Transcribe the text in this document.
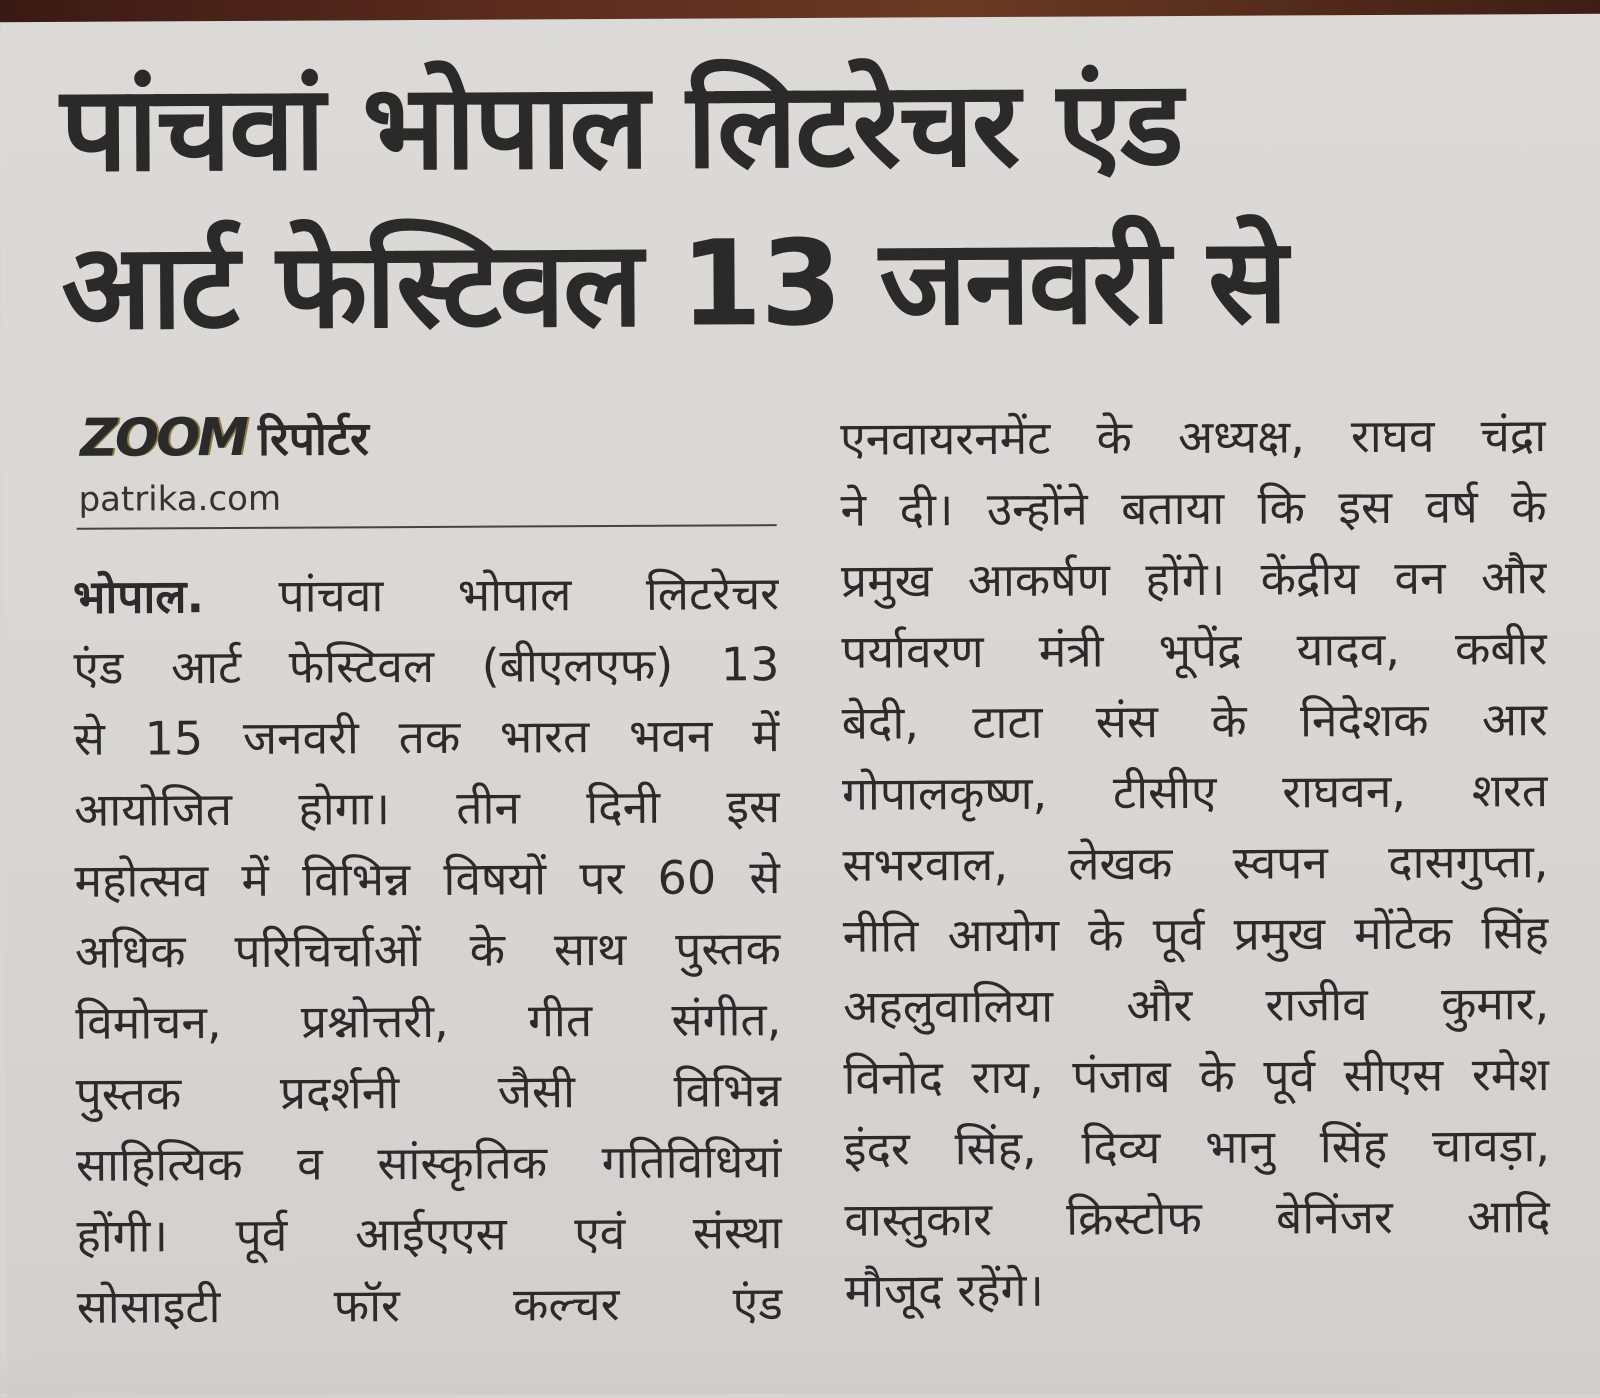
पांचवां भोपाल लिटरेचर एंड
आर्ट फेस्टिवल 13 जनवरी से
ZOOM रिपोर्टर
patrika.com
भोपाल. पांचवा भोपाल लिटरेचर
एंड आर्ट फेस्टिवल (बीएलएफ) 13
से 15 जनवरी तक भारत भवन में
आयोजित होगा। तीन दिनी इस
महोत्सव में विभिन्न विषयों पर 60 से
अधिक परिचिर्चाओं के साथ पुस्तक
विमोचन, प्रश्नोत्तरी, गीत संगीत,
पुस्तक प्रदर्शनी जैसी विभिन्न
साहित्यिक व सांस्कृतिक गतिविधियां
होंगी। पूर्व आईएएस एवं संस्था
सोसाइटी फॉर कल्चर एंड
एनवायरनमेंट के अध्यक्ष, राघव चंद्रा
ने दी। उन्होंने बताया कि इस वर्ष के
प्रमुख आकर्षण होंगे। केंद्रीय वन और
पर्यावरण मंत्री भूपेंद्र यादव, कबीर
बेदी, टाटा संस के निदेशक आर
गोपालकृष्ण, टीसीए राघवन, शरत
सभरवाल, लेखक स्वपन दासगुप्ता,
नीति आयोग के पूर्व प्रमुख मोंटेक सिंह
अहलुवालिया और राजीव कुमार,
विनोद राय, पंजाब के पूर्व सीएस रमेश
इंदर सिंह, दिव्य भानु सिंह चावड़ा,
वास्तुकार क्रिस्टोफ बेनिंजर आदि
मौजूद रहेंगे।
